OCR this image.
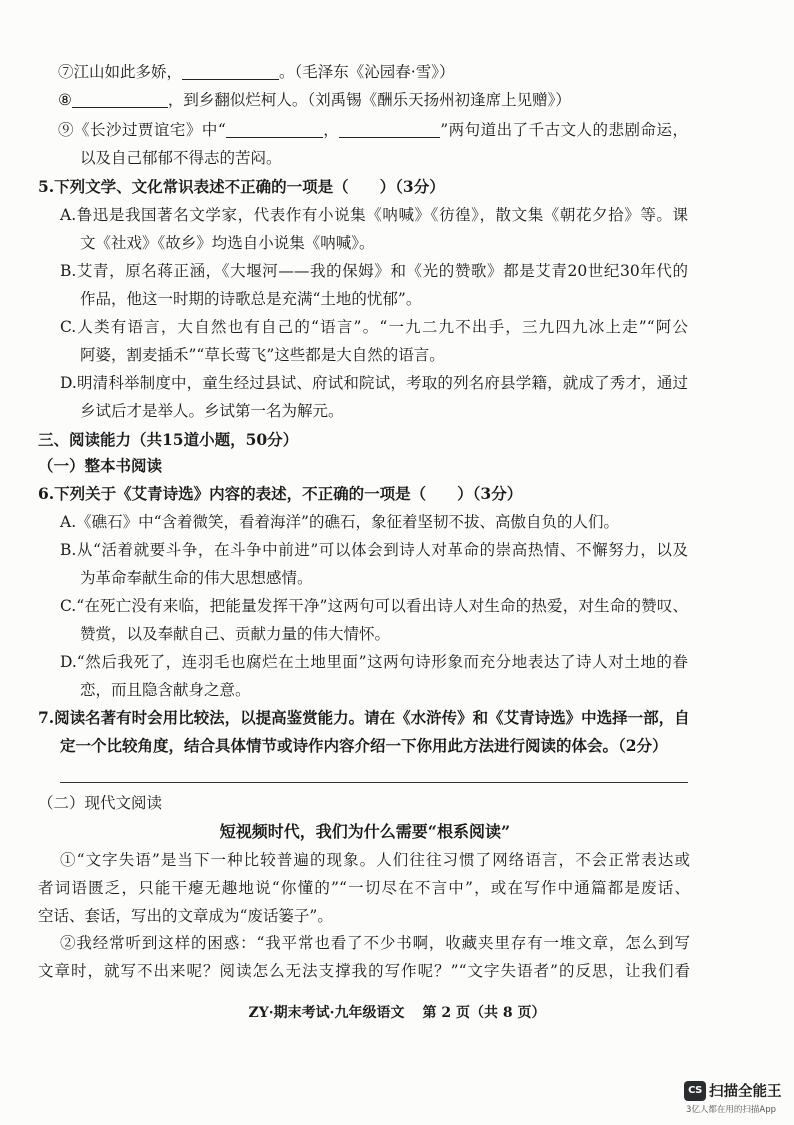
⑦江山如此多娇，	。（毛泽东《沁园春·雪》）
⑧	，到乡翻似烂柯人。（刘禹锡《酬乐天扬州初逢席上见赠》）
⑨《长沙过贾谊宅》中“	，	”两句道出了千古文人的悲剧命运，
以及自己郁郁不得志的苦闷。
5.下列文学、文化常识表述不正确的一项是（　　）（3分）
A.鲁迅是我国著名文学家，代表作有小说集《呐喊》《彷徨》，散文集《朝花夕拾》等。课
文《社戏》《故乡》均选自小说集《呐喊》。
B.艾青，原名蒋正涵，《大堰河——我的保姆》和《光的赞歌》都是艾青20世纪30年代的
作品，他这一时期的诗歌总是充满“土地的忧郁”。
C.人类有语言，大自然也有自己的“语言”。“一九二九不出手，三九四九冰上走”“阿公
阿婆，割麦插禾”“草长莺飞”这些都是大自然的语言。
D.明清科举制度中，童生经过县试、府试和院试，考取的列名府县学籍，就成了秀才，通过
乡试后才是举人。乡试第一名为解元。
三、阅读能力（共15道小题，50分）
（一）整本书阅读
6.下列关于《艾青诗选》内容的表述，不正确的一项是（　　）（3分）
A.《礁石》中“含着微笑，看着海洋”的礁石，象征着坚韧不拔、高傲自负的人们。
B.从“活着就要斗争，在斗争中前进”可以体会到诗人对革命的崇高热情、不懈努力，以及
为革命奉献生命的伟大思想感情。
C.“在死亡没有来临，把能量发挥干净”这两句可以看出诗人对生命的热爱，对生命的赞叹、
赞赏，以及奉献自己、贡献力量的伟大情怀。
D.“然后我死了，连羽毛也腐烂在土地里面”这两句诗形象而充分地表达了诗人对土地的眷
恋，而且隐含献身之意。
7.阅读名著有时会用比较法，以提高鉴赏能力。请在《水浒传》和《艾青诗选》中选择一部，自
定一个比较角度，结合具体情节或诗作内容介绍一下你用此方法进行阅读的体会。（2分）
（二）现代文阅读
短视频时代，我们为什么需要“根系阅读”
①“文字失语”是当下一种比较普遍的现象。人们往往习惯了网络语言，不会正常表达或
者词语匮乏，只能干瘪无趣地说“你懂的”“一切尽在不言中”，或在写作中通篇都是废话、
空话、套话，写出的文章成为“废话篓子”。
②我经常听到这样的困惑：“我平常也看了不少书啊，收藏夹里存有一堆文章，怎么到写
文章时，就写不出来呢？阅读怎么无法支撑我的写作呢？”“文字失语者”的反思，让我们看
ZY·期末考试·九年级语文 第 2 页（共 8 页）
CS 扫描全能王
3亿人都在用的扫描App
